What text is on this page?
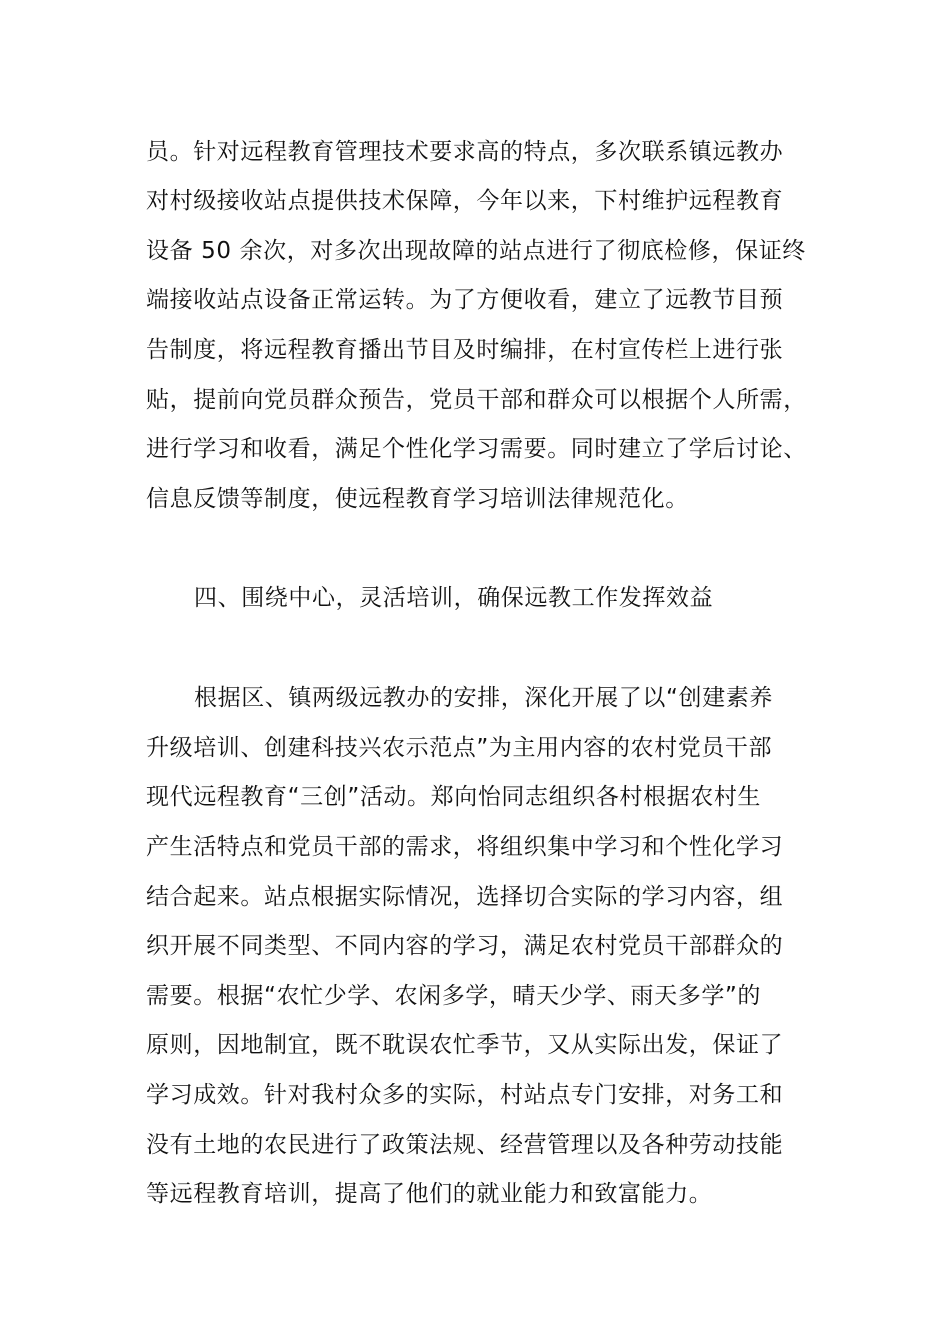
员。针对远程教育管理技术要求高的特点，多次联系镇远教办
对村级接收站点提供技术保障，今年以来，下村维护远程教育
设备 50 余次，对多次出现故障的站点进行了彻底检修，保证终
端接收站点设备正常运转。为了方便收看，建立了远教节目预
告制度，将远程教育播出节目及时编排，在村宣传栏上进行张
贴，提前向党员群众预告，党员干部和群众可以根据个人所需，
进行学习和收看，满足个性化学习需要。同时建立了学后讨论、
信息反馈等制度，使远程教育学习培训法律规范化。
四、围绕中心，灵活培训，确保远教工作发挥效益
根据区、镇两级远教办的安排，深化开展了以“创建素养
升级培训、创建科技兴农示范点”为主用内容的农村党员干部
现代远程教育“三创”活动。郑向怡同志组织各村根据农村生
产生活特点和党员干部的需求，将组织集中学习和个性化学习
结合起来。站点根据实际情况，选择切合实际的学习内容，组
织开展不同类型、不同内容的学习，满足农村党员干部群众的
需要。根据“农忙少学、农闲多学，晴天少学、雨天多学”的
原则，因地制宜，既不耽误农忙季节，又从实际出发，保证了
学习成效。针对我村众多的实际，村站点专门安排，对务工和
没有土地的农民进行了政策法规、经营管理以及各种劳动技能
等远程教育培训，提高了他们的就业能力和致富能力。
